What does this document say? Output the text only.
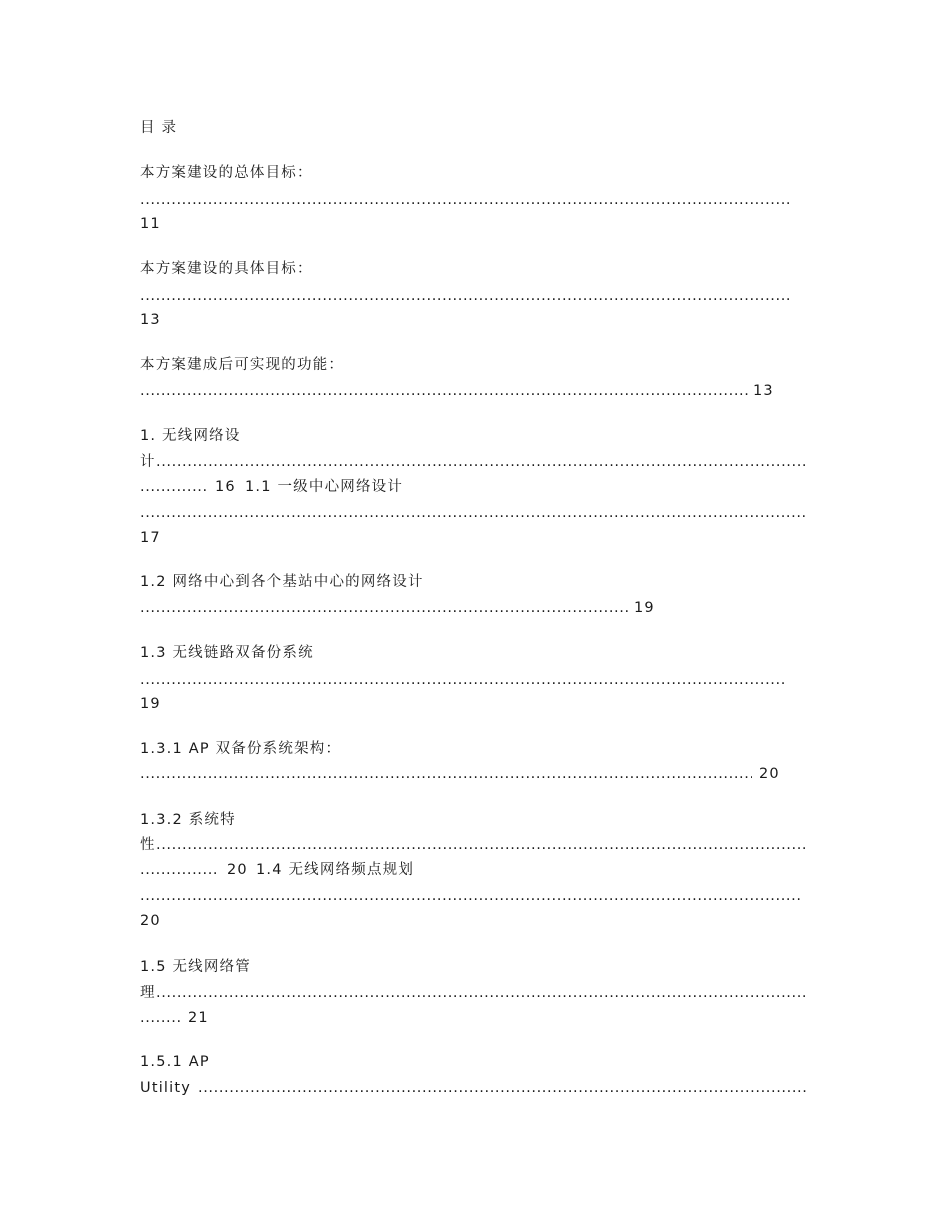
目 录
本方案建设的总体目标：
.....
11
本方案建设的具体目标：
.....
13
本方案建成后可实现的功能：
.....
13
1. 无线网络设
计
.....
.....
16 1.1 一级中心网络设计
.....
17
1.2 网络中心到各个基站中心的网络设计
.....
19
1.3 无线链路双备份系统
.....
19
1.3.1 AP 双备份系统架构：
.....
20
1.3.2 系统特
性
.....
.....
20 1.4 无线网络频点规划
.....
20
1.5 无线网络管
理
.....
.....
21
1.5.1 AP
Utility
.....
